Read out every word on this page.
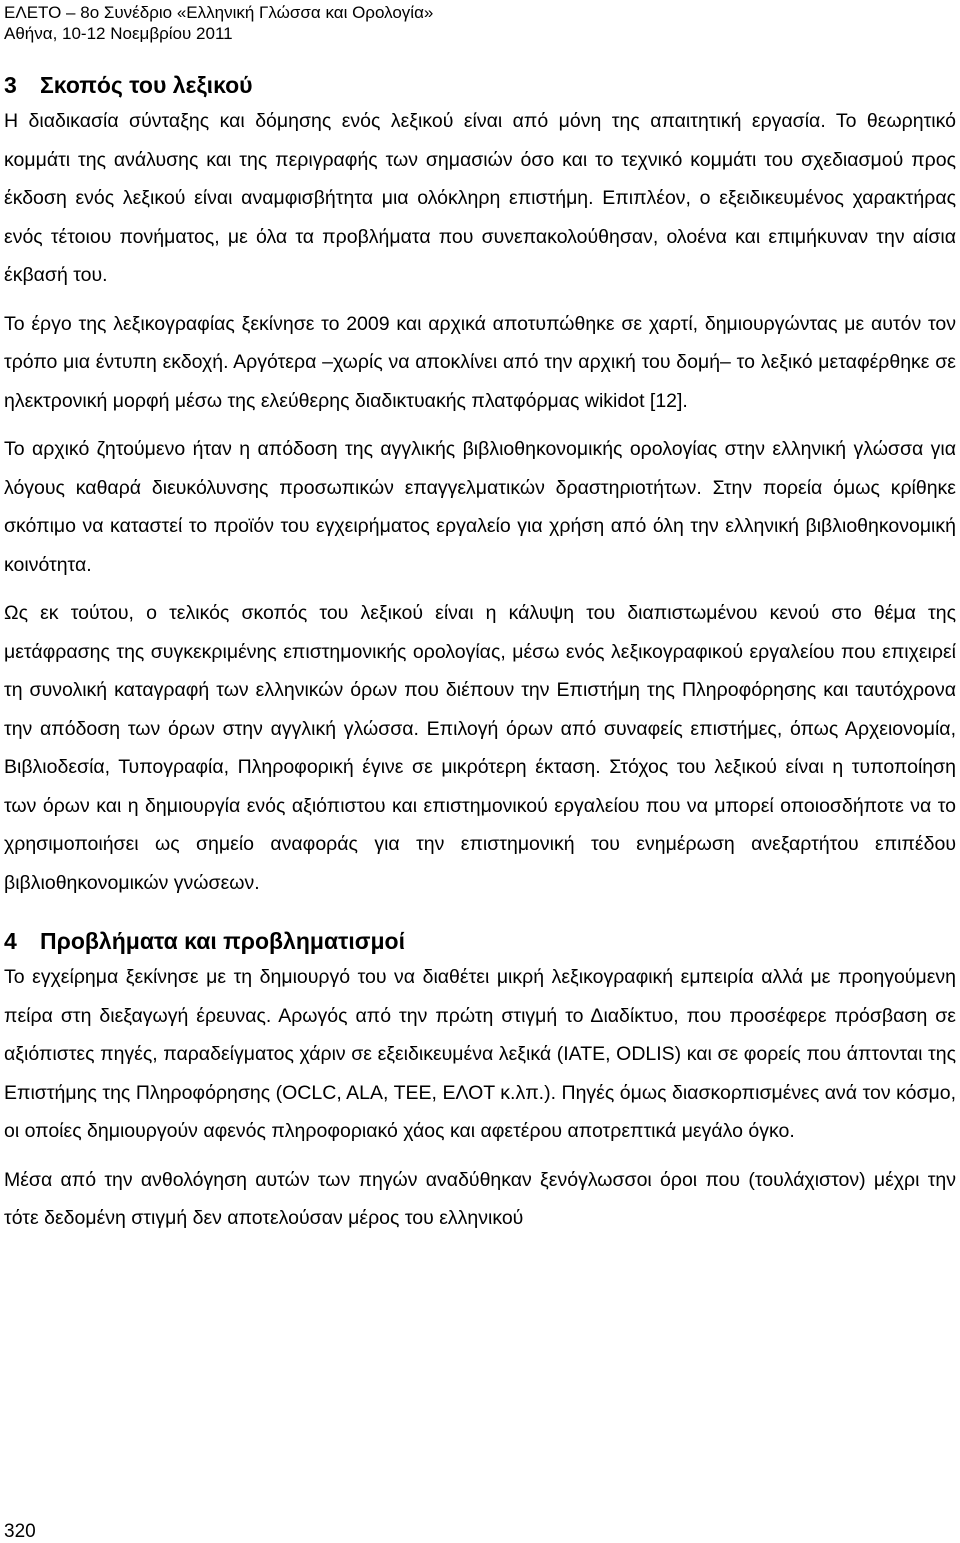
ΕΛΕΤΟ – 8ο Συνέδριο «Ελληνική Γλώσσα και Ορολογία»
Αθήνα, 10-12 Νοεμβρίου 2011
3 Σκοπός του λεξικού

Η διαδικασία σύνταξης και δόμησης ενός λεξικού είναι από μόνη της απαιτητική εργασία. Το θεωρητικό κομμάτι της ανάλυσης και της περιγραφής των σημασιών όσο και το τεχνικό κομμάτι του σχεδιασμού προς έκδοση ενός λεξικού είναι αναμφισβήτητα μια ολόκληρη επιστήμη. Επιπλέον, ο εξειδικευμένος χαρακτήρας ενός τέτοιου πονήματος, με όλα τα προβλήματα που συνεπακολούθησαν, ολοένα και επιμήκυναν την αίσια έκβασή του.

Το έργο της λεξικογραφίας ξεκίνησε το 2009 και αρχικά αποτυπώθηκε σε χαρτί, δημιουργώντας με αυτόν τον τρόπο μια έντυπη εκδοχή. Αργότερα –χωρίς να αποκλίνει από την αρχική του δομή– το λεξικό μεταφέρθηκε σε ηλεκτρονική μορφή μέσω της ελεύθερης διαδικτυακής πλατφόρμας wikidot [12].

Το αρχικό ζητούμενο ήταν η απόδοση της αγγλικής βιβλιοθηκονομικής ορολογίας στην ελληνική γλώσσα για λόγους καθαρά διευκόλυνσης προσωπικών επαγγελματικών δραστηριοτήτων. Στην πορεία όμως κρίθηκε σκόπιμο να καταστεί το προϊόν του εγχειρήματος εργαλείο για χρήση από όλη την ελληνική βιβλιοθηκονομική κοινότητα.

Ως εκ τούτου, ο τελικός σκοπός του λεξικού είναι η κάλυψη του διαπιστωμένου κενού στο θέμα της μετάφρασης της συγκεκριμένης επιστημονικής ορολογίας, μέσω ενός λεξικογραφικού εργαλείου που επιχειρεί τη συνολική καταγραφή των ελληνικών όρων που διέπουν την Επιστήμη της Πληροφόρησης και ταυτόχρονα την απόδοση των όρων στην αγγλική γλώσσα. Επιλογή όρων από συναφείς επιστήμες, όπως Αρχειονομία, Βιβλιοδεσία, Τυπογραφία, Πληροφορική έγινε σε μικρότερη έκταση. Στόχος του λεξικού είναι η τυποποίηση των όρων και η δημιουργία ενός αξιόπιστου και επιστημονικού εργαλείου που να μπορεί οποιοσδήποτε να το χρησιμοποιήσει ως σημείο αναφοράς για την επιστημονική του ενημέρωση ανεξαρτήτου επιπέδου βιβλιοθηκονομικών γνώσεων.

4 Προβλήματα και προβληματισμοί

Το εγχείρημα ξεκίνησε με τη δημιουργό του να διαθέτει μικρή λεξικογραφική εμπειρία αλλά με προηγούμενη πείρα στη διεξαγωγή έρευνας. Αρωγός από την πρώτη στιγμή το Διαδίκτυο, που προσέφερε πρόσβαση σε αξιόπιστες πηγές, παραδείγματος χάριν σε εξειδικευμένα λεξικά (IATE, ODLIS) και σε φορείς που άπτονται της Επιστήμης της Πληροφόρησης (OCLC, ALA, TEE, ΕΛΟΤ κ.λπ.). Πηγές όμως διασκορπισμένες ανά τον κόσμο, οι οποίες δημιουργούν αφενός πληροφοριακό χάος και αφετέρου αποτρεπτικά μεγάλο όγκο.

Μέσα από την ανθολόγηση αυτών των πηγών αναδύθηκαν ξενόγλωσσοι όροι που (τουλάχιστον) μέχρι την τότε δεδομένη στιγμή δεν αποτελούσαν μέρος του ελληνικού

320
